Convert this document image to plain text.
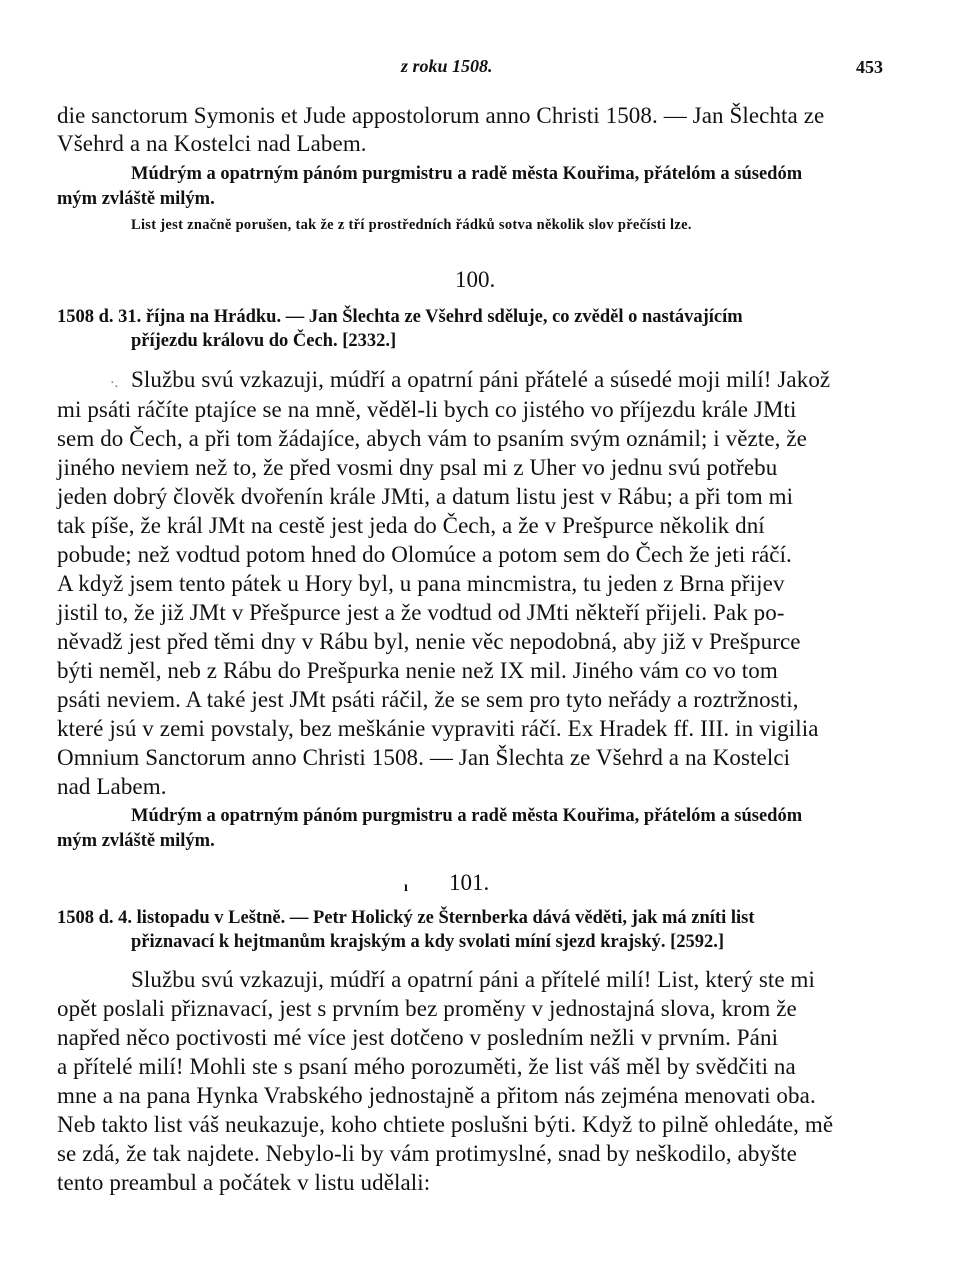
z roku 1508.	453
die sanctorum Symonis et Jude appostolorum anno Christi 1508. — Jan Šlechta ze
Všehrd a na Kostelci nad Labem.
Múdrým a opatrným pánóm purgmistru a radě města Kouřima, přátelóm a súsedóm
mým zvláště milým.
List jest značně porušen, tak že z tří prostředních řádků sotva několik slov přečísti lze.
100.
1508 d. 31. října na Hrádku. — Jan Šlechta ze Všehrd sděluje, co zvěděl o nastávajícím
příjezdu královu do Čech. [2332.]
·. Službu svú vzkazuji, múdří a opatrní páni přátelé a súsedé moji milí! Jakož
mi psáti ráčíte ptajíce se na mně, věděl-li bych co jistého vo příjezdu krále JMti
sem do Čech, a při tom žádajíce, abych vám to psaním svým oznámil; i vězte, že
jiného neviem než to, že před vosmi dny psal mi z Uher vo jednu svú potřebu
jeden dobrý člověk dvořenín krále JMti, a datum listu jest v Rábu; a při tom mi
tak píše, že král JMt na cestě jest jeda do Čech, a že v Prešpurce několik dní
pobude; než vodtud potom hned do Olomúce a potom sem do Čech že jeti ráčí.
A když jsem tento pátek u Hory byl, u pana mincmistra, tu jeden z Brna přijev
jistil to, že již JMt v Přešpurce jest a že vodtud od JMti někteří přijeli. Pak po-
něvadž jest před těmi dny v Rábu byl, nenie věc nepodobná, aby již v Prešpurce
býti neměl, neb z Rábu do Prešpurka nenie než IX mil. Jiného vám co vo tom
psáti neviem. A také jest JMt psáti ráčil, že se sem pro tyto neřády a roztržnosti,
které jsú v zemi povstaly, bez meškánie vypraviti ráčí. Ex Hradek ff. III. in vigilia
Omnium Sanctorum anno Christi 1508. — Jan Šlechta ze Všehrd a na Kostelci
nad Labem.
Múdrým a opatrným pánóm purgmistru a radě města Kouřima, přátelóm a súsedóm
mým zvláště milým.
ı 101.
1508 d. 4. listopadu v Leštně. — Petr Holický ze Šternberka dává věděti, jak má zníti list
přiznavací k hejtmanům krajským a kdy svolati míní sjezd krajský. [2592.]
Službu svú vzkazuji, múdří a opatrní páni a přítelé milí! List, který ste mi
opět poslali přiznavací, jest s prvním bez proměny v jednostajná slova, krom že
napřed něco poctivosti mé více jest dotčeno v posledním nežli v prvním. Páni
a přítelé milí! Mohli ste s psaní mého porozuměti, že list váš měl by svědčiti na
mne a na pana Hynka Vrabského jednostajně a přitom nás zejména menovati oba.
Neb takto list váš neukazuje, koho chtiete poslušni býti. Když to pilně ohledáte, mě
se zdá, že tak najdete. Nebylo-li by vám protimyslné, snad by neškodilo, abyšte
tento preambul a počátek v listu udělali:
